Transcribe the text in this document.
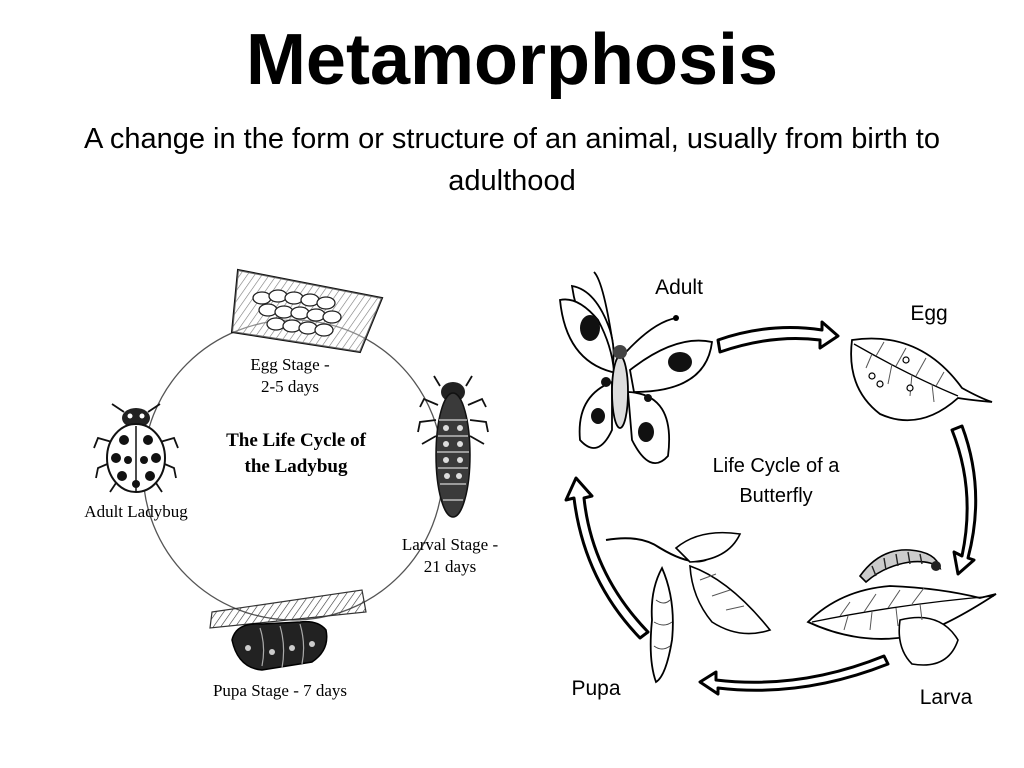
Metamorphosis
A change in the form or structure of an animal, usually from birth to adulthood
Egg Stage -
2-5 days
Larval Stage -
21 days
Pupa Stage - 7 days
Adult Ladybug
The Life Cycle of
the Ladybug
Adult
Egg
Larva
Pupa
Life Cycle of a
Butterfly
